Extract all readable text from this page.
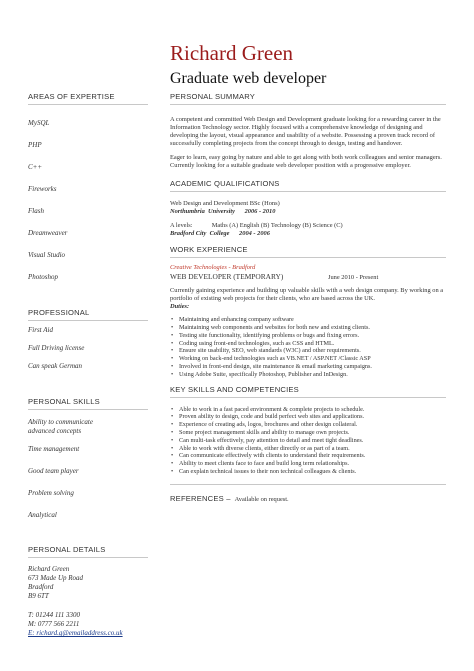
Richard Green
Graduate web developer
AREAS OF EXPERTISE
MySQL
PHP
C++
Fireworks
Flash
Dreamweaver
Visual Studio
Photoshop
PROFESSIONAL
First Aid
Full Driving license
Can speak German
PERSONAL SKILLS
Ability to communicate advanced concepts
Time management
Good team player
Problem solving
Analytical
PERSONAL DETAILS
Richard Green
673 Made Up Road
Bradford
B9 6TT
T: 01244 111 3300
M: 0777 566 2211
E: richard.g@emailaddress.co.uk
PERSONAL SUMMARY
A competent and committed Web Design and Development graduate looking for a rewarding career in the Information Technology sector. Highly focused with a comprehensive knowledge of designing and developing the layout, visual appearance and usability of a website. Possessing a proven track record of successfully completing projects from the concept through to design, testing and handover.
Eager to learn, easy going by nature and able to get along with both work colleagues and senior managers. Currently looking for a suitable graduate web developer position with a progressive employer.
ACADEMIC QUALIFICATIONS
Web Design and Development BSc (Hons)
Northumbria  University      2006 - 2010
A levels:            Maths (A) English (B) Technology (B) Science (C)
Bradford City  College      2004 - 2006
WORK EXPERIENCE
Creative Technologies - Bradford
WEB DEVELOPER (TEMPORARY)	June 2010 - Present
Currently gaining experience and building up valuable skills with a web design company. By working on a portfolio of existing web projects for their clients, who are based across the UK.
Duties:
• Maintaining and enhancing company software
• Maintaining web components and websites for both new and existing clients.
• Testing site functionality, identifying problems or bugs and fixing errors.
• Coding using front-end technologies, such as CSS and HTML.
• Ensure site usability, SEO, web standards (W3C) and other requirements.
• Working on back-end technologies such as VB.NET / ASP.NET /Classic ASP
• Involved in front-end design, site maintenance & email marketing campaigns.
• Using Adobe Suite, specifically Photoshop, Publisher and InDesign.
KEY SKILLS AND COMPETENCIES
• Able to work in a fast paced environment & complete projects to schedule.
• Proven ability to design, code and build perfect web sites and applications.
• Experience of creating ads, logos, brochures and other design collateral.
• Some project management skills and ability to manage own projects.
• Can multi-task effectively, pay attention to detail and meet tight deadlines.
• Able to work with diverse clients, either directly or as part of a team.
• Can communicate effectively with clients to understand their requirements.
• Ability to meet clients face to face and build long term relationships.
• Can explain technical issues to their non technical colleagues & clients.
REFERENCES – Available on request.
